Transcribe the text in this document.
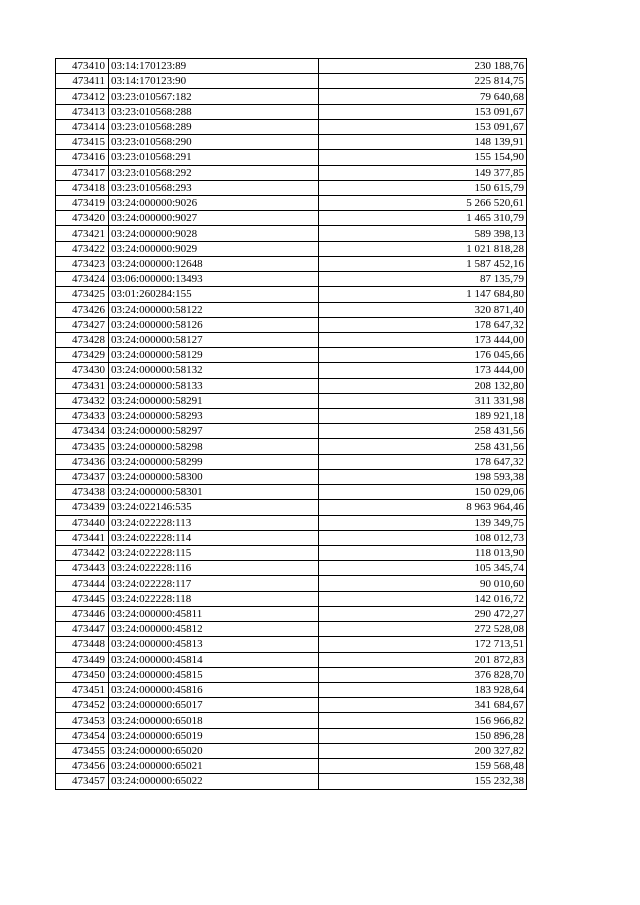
473410	03:14:170123:89	230 188,76
473411	03:14:170123:90	225 814,75
473412	03:23:010567:182	79 640,68
473413	03:23:010568:288	153 091,67
473414	03:23:010568:289	153 091,67
473415	03:23:010568:290	148 139,91
473416	03:23:010568:291	155 154,90
473417	03:23:010568:292	149 377,85
473418	03:23:010568:293	150 615,79
473419	03:24:000000:9026	5 266 520,61
473420	03:24:000000:9027	1 465 310,79
473421	03:24:000000:9028	589 398,13
473422	03:24:000000:9029	1 021 818,28
473423	03:24:000000:12648	1 587 452,16
473424	03:06:000000:13493	87 135,79
473425	03:01:260284:155	1 147 684,80
473426	03:24:000000:58122	320 871,40
473427	03:24:000000:58126	178 647,32
473428	03:24:000000:58127	173 444,00
473429	03:24:000000:58129	176 045,66
473430	03:24:000000:58132	173 444,00
473431	03:24:000000:58133	208 132,80
473432	03:24:000000:58291	311 331,98
473433	03:24:000000:58293	189 921,18
473434	03:24:000000:58297	258 431,56
473435	03:24:000000:58298	258 431,56
473436	03:24:000000:58299	178 647,32
473437	03:24:000000:58300	198 593,38
473438	03:24:000000:58301	150 029,06
473439	03:24:022146:535	8 963 964,46
473440	03:24:022228:113	139 349,75
473441	03:24:022228:114	108 012,73
473442	03:24:022228:115	118 013,90
473443	03:24:022228:116	105 345,74
473444	03:24:022228:117	90 010,60
473445	03:24:022228:118	142 016,72
473446	03:24:000000:45811	290 472,27
473447	03:24:000000:45812	272 528,08
473448	03:24:000000:45813	172 713,51
473449	03:24:000000:45814	201 872,83
473450	03:24:000000:45815	376 828,70
473451	03:24:000000:45816	183 928,64
473452	03:24:000000:65017	341 684,67
473453	03:24:000000:65018	156 966,82
473454	03:24:000000:65019	150 896,28
473455	03:24:000000:65020	200 327,82
473456	03:24:000000:65021	159 568,48
473457	03:24:000000:65022	155 232,38
